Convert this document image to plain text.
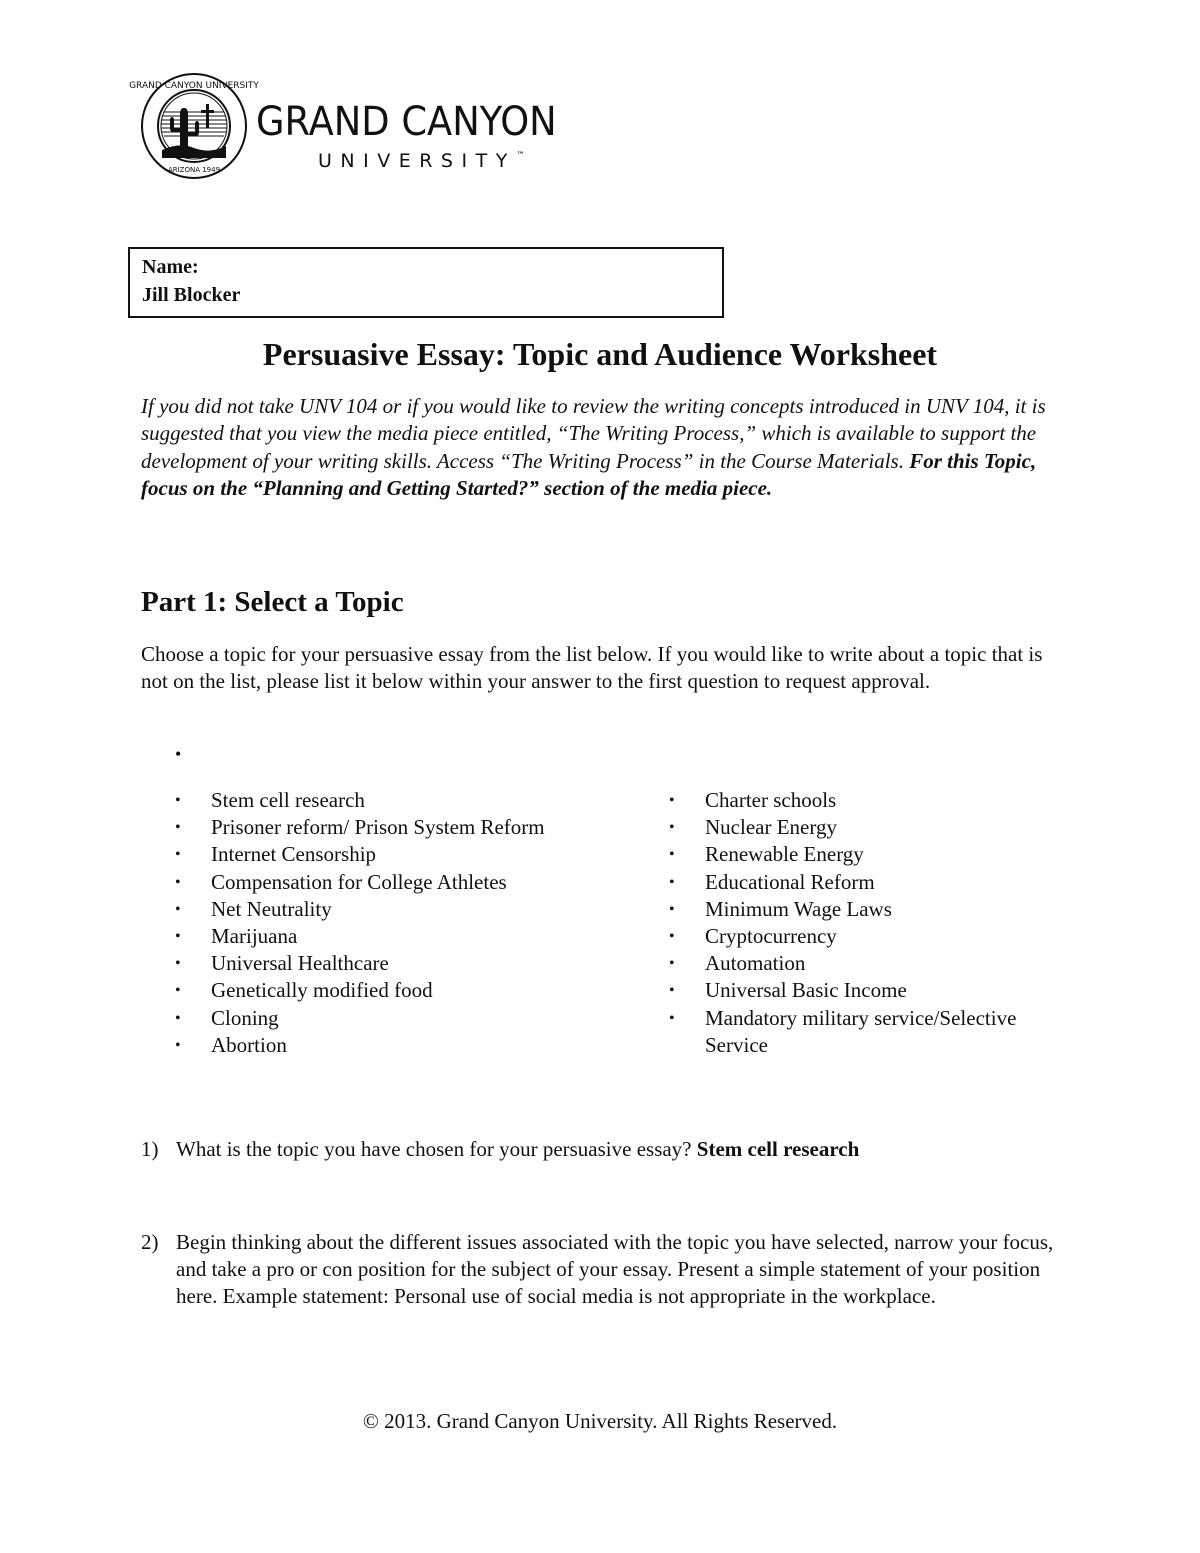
GRAND CANYON UNIVERSITY
ARIZONA 1949
GRAND CANYON
UNIVERSITY™
Name:
Jill Blocker
Persuasive Essay: Topic and Audience Worksheet

If you did not take UNV 104 or if you would like to review the writing concepts introduced in UNV 104, it is suggested that you view the media piece entitled, “The Writing Process,” which is available to support the development of your writing skills. Access “The Writing Process” in the Course Materials. For this Topic, focus on the “Planning and Getting Started?” section of the media piece.

Part 1: Select a Topic

Choose a topic for your persuasive essay from the list below. If you would like to write about a topic that is not on the list, please list it below within your answer to the first question to request approval.

•
• Stem cell research
• Prisoner reform/ Prison System Reform
• Internet Censorship
• Compensation for College Athletes
• Net Neutrality
• Marijuana
• Universal Healthcare
• Genetically modified food
• Cloning
• Abortion
• Charter schools
• Nuclear Energy
• Renewable Energy
• Educational Reform
• Minimum Wage Laws
• Cryptocurrency
• Automation
• Universal Basic Income
• Mandatory military service/Selective Service
1) What is the topic you have chosen for your persuasive essay? Stem cell research
2) Begin thinking about the different issues associated with the topic you have selected, narrow your focus, and take a pro or con position for the subject of your essay. Present a simple statement of your position here. Example statement: Personal use of social media is not appropriate in the workplace.

© 2013. Grand Canyon University. All Rights Reserved.
